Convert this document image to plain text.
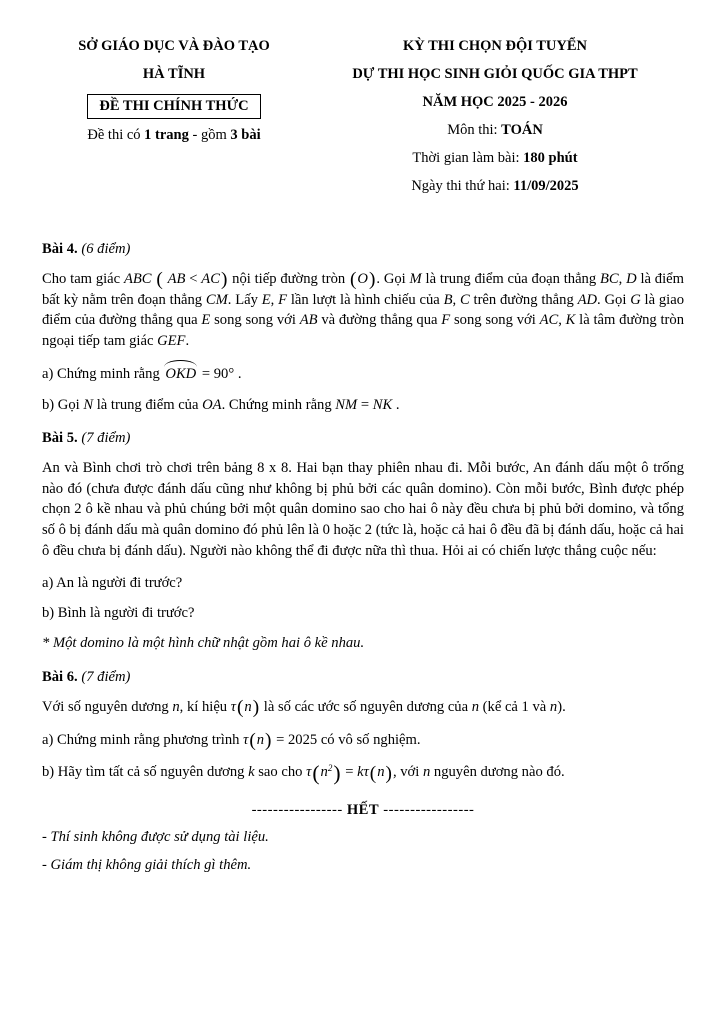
SỞ GIÁO DỤC VÀ ĐÀO TẠO

HÀ TĨNH

ĐỀ THI CHÍNH THỨC

Đề thi có 1 trang - gồm 3 bài

KỲ THI CHỌN ĐỘI TUYỂN

DỰ THI HỌC SINH GIỎI QUỐC GIA THPT

NĂM HỌC 2025 - 2026

Môn thi: TOÁN

Thời gian làm bài: 180 phút

Ngày thi thứ hai: 11/09/2025

Bài 4. (6 điểm)

Cho tam giác ABC ( AB < AC) nội tiếp đường tròn (O). Gọi M là trung điểm của đoạn thẳng BC, D là điểm bất kỳ nằm trên đoạn thẳng CM. Lấy E, F lần lượt là hình chiếu của B, C trên đường thẳng AD. Gọi G là giao điểm của đường thẳng qua E song song với AB và đường thẳng qua F song song với AC, K là tâm đường tròn ngoại tiếp tam giác GEF.

a) Chứng minh rằng OKD = 90° .

b) Gọi N là trung điểm của OA. Chứng minh rằng NM = NK .

Bài 5. (7 điểm)

An và Bình chơi trò chơi trên bảng 8 x 8. Hai bạn thay phiên nhau đi. Mỗi bước, An đánh dấu một ô trống nào đó (chưa được đánh dấu cũng như không bị phủ bởi các quân domino). Còn mỗi bước, Bình được phép chọn 2 ô kề nhau và phủ chúng bởi một quân domino sao cho hai ô này đều chưa bị phủ bởi domino, và tổng số ô bị đánh dấu mà quân domino đó phủ lên là 0 hoặc 2 (tức là, hoặc cả hai ô đều đã bị đánh dấu, hoặc cả hai ô đều chưa bị đánh dấu). Người nào không thể đi được nữa thì thua. Hỏi ai có chiến lược thắng cuộc nếu:

a) An là người đi trước?

b) Bình là người đi trước?

* Một domino là một hình chữ nhật gồm hai ô kề nhau.

Bài 6. (7 điểm)

Với số nguyên dương n, kí hiệu τ(n) là số các ước số nguyên dương của n (kể cả 1 và n).

a) Chứng minh rằng phương trình τ(n) = 2025 có vô số nghiệm.

b) Hãy tìm tất cả số nguyên dương k sao cho $\tau(n^2) = k\tau(n)$, với n nguyên dương nào đó.

----------------- HẾT -----------------

- Thí sinh không được sử dụng tài liệu.

- Giám thị không giải thích gì thêm.
